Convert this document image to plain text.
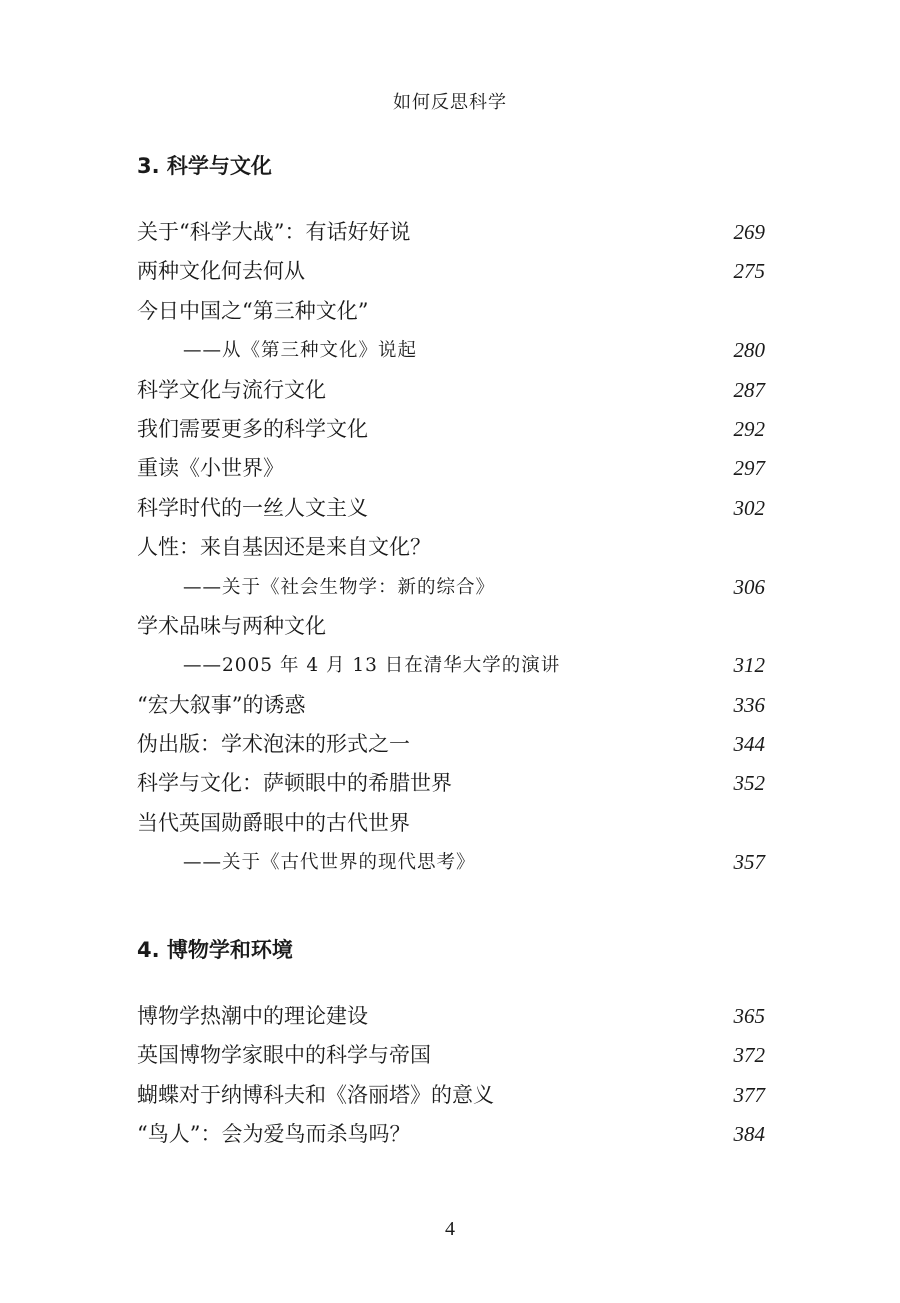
如何反思科学
3. 科学与文化
关于“科学大战”：有话好好说	269
两种文化何去何从	275
今日中国之“第三种文化”
——从《第三种文化》说起	280
科学文化与流行文化	287
我们需要更多的科学文化	292
重读《小世界》	297
科学时代的一丝人文主义	302
人性：来自基因还是来自文化？
——关于《社会生物学：新的综合》	306
学术品味与两种文化
——2005 年 4 月 13 日在清华大学的演讲	312
“宏大叙事”的诱惑	336
伪出版：学术泡沫的形式之一	344
科学与文化：萨顿眼中的希腊世界	352
当代英国勋爵眼中的古代世界
——关于《古代世界的现代思考》	357
4. 博物学和环境
博物学热潮中的理论建设	365
英国博物学家眼中的科学与帝国	372
蝴蝶对于纳博科夫和《洛丽塔》的意义	377
“鸟人”：会为爱鸟而杀鸟吗？	384
4
